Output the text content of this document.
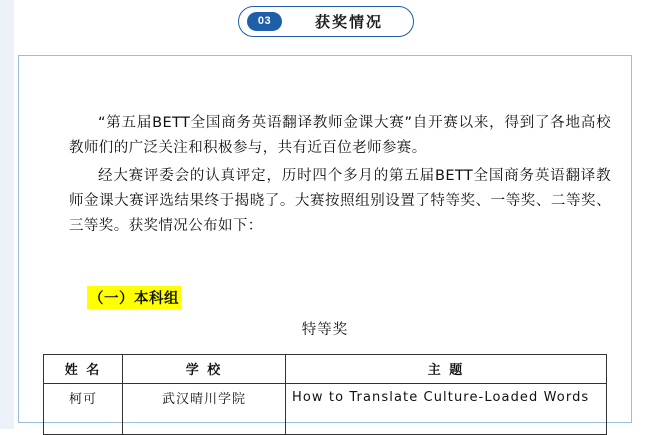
03	获奖情况

“第五届BETT全国商务英语翻译教师金课大赛”自开赛以来，得到了各地高校教师们的广泛关注和积极参与，共有近百位老师参赛。

经大赛评委会的认真评定，历时四个多月的第五届BETT全国商务英语翻译教师金课大赛评选结果终于揭晓了。大赛按照组别设置了特等奖、一等奖、二等奖、三等奖。获奖情况公布如下：

（一）本科组
特等奖
姓 名	学 校	主 题
柯可	武汉晴川学院	How to Translate Culture-Loaded Words
